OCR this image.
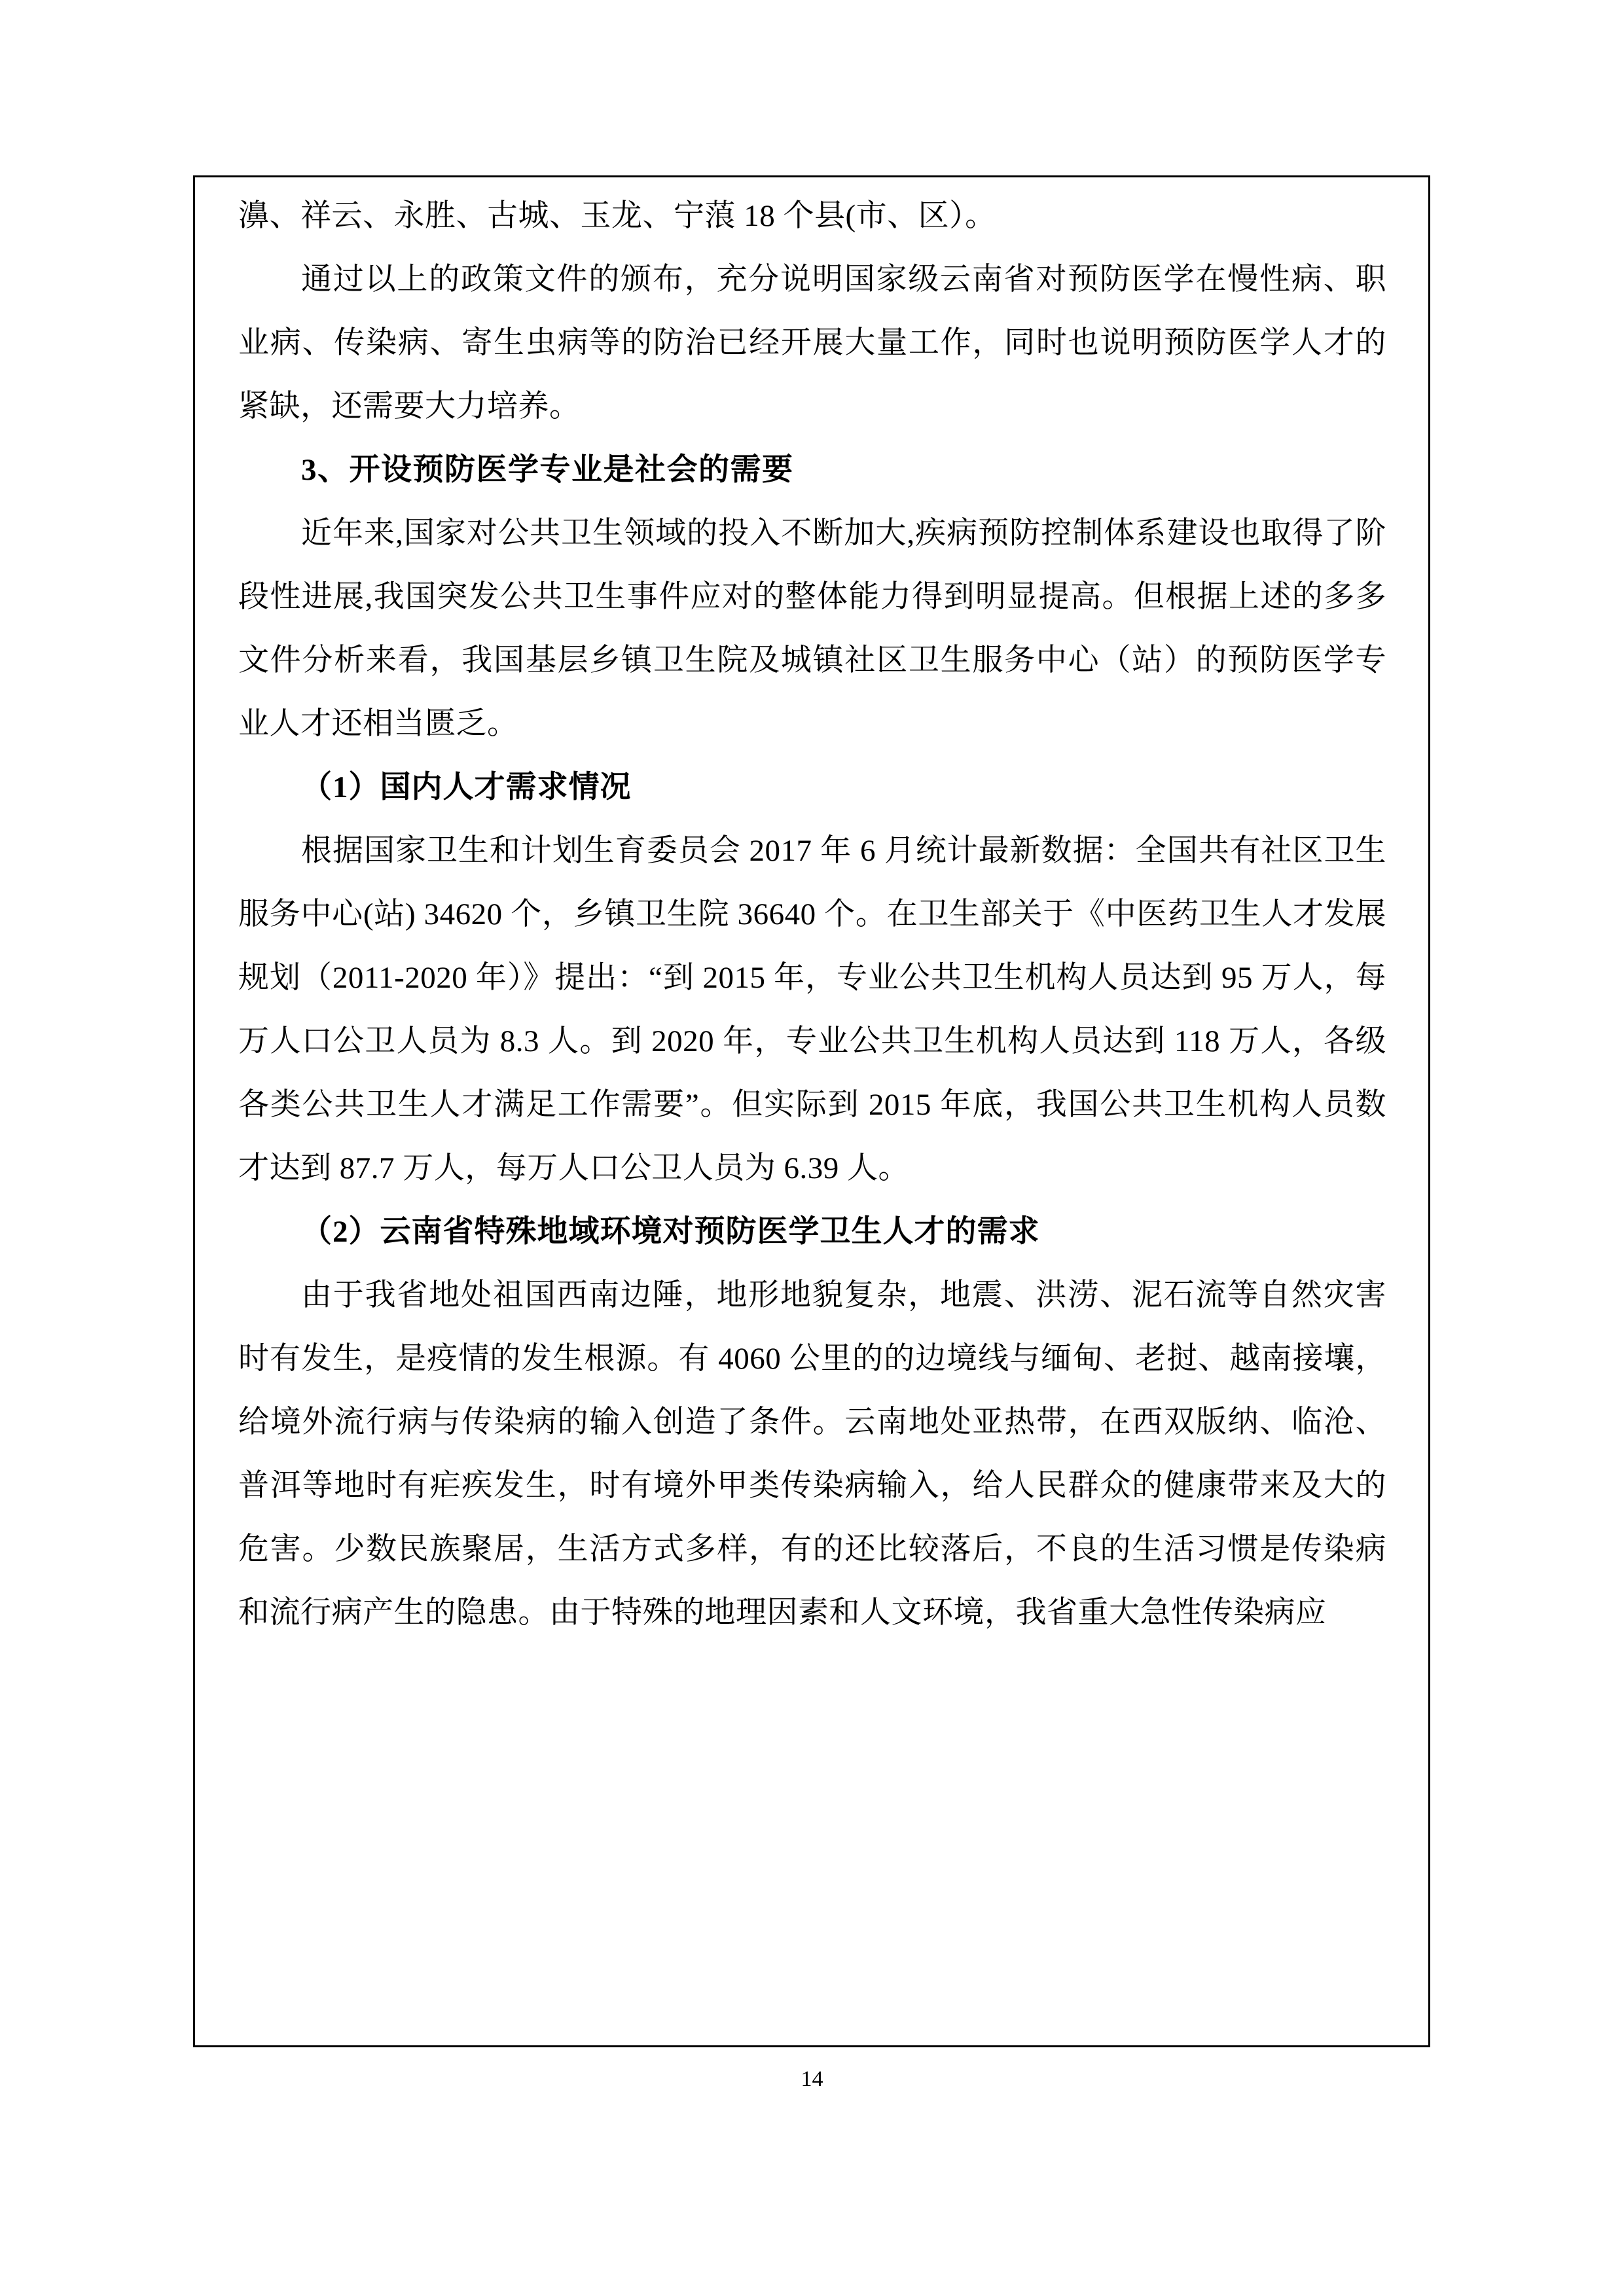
濞、祥云、永胜、古城、玉龙、宁蒗 18 个县(市、区）。

通过以上的政策文件的颁布，充分说明国家级云南省对预防医学在慢性病、职业病、传染病、寄生虫病等的防治已经开展大量工作，同时也说明预防医学人才的紧缺，还需要大力培养。

3、开设预防医学专业是社会的需要

近年来,国家对公共卫生领域的投入不断加大,疾病预防控制体系建设也取得了阶段性进展,我国突发公共卫生事件应对的整体能力得到明显提高。但根据上述的多多文件分析来看，我国基层乡镇卫生院及城镇社区卫生服务中心（站）的预防医学专业人才还相当匮乏。

（1）国内人才需求情况

根据国家卫生和计划生育委员会 2017 年 6 月统计最新数据：全国共有社区卫生服务中心(站) 34620 个，乡镇卫生院 36640 个。在卫生部关于《中医药卫生人才发展规划（2011-2020 年）》提出：“到 2015 年，专业公共卫生机构人员达到 95 万人，每万人口公卫人员为 8.3 人。到 2020 年，专业公共卫生机构人员达到 118 万人，各级各类公共卫生人才满足工作需要”。但实际到 2015 年底，我国公共卫生机构人员数才达到 87.7 万人，每万人口公卫人员为 6.39 人。

（2）云南省特殊地域环境对预防医学卫生人才的需求

由于我省地处祖国西南边陲，地形地貌复杂，地震、洪涝、泥石流等自然灾害时有发生，是疫情的发生根源。有 4060 公里的的边境线与缅甸、老挝、越南接壤，给境外流行病与传染病的输入创造了条件。云南地处亚热带，在西双版纳、临沧、普洱等地时有疟疾发生，时有境外甲类传染病输入，给人民群众的健康带来及大的危害。少数民族聚居，生活方式多样，有的还比较落后，不良的生活习惯是传染病和流行病产生的隐患。由于特殊的地理因素和人文环境，我省重大急性传染病应

14
